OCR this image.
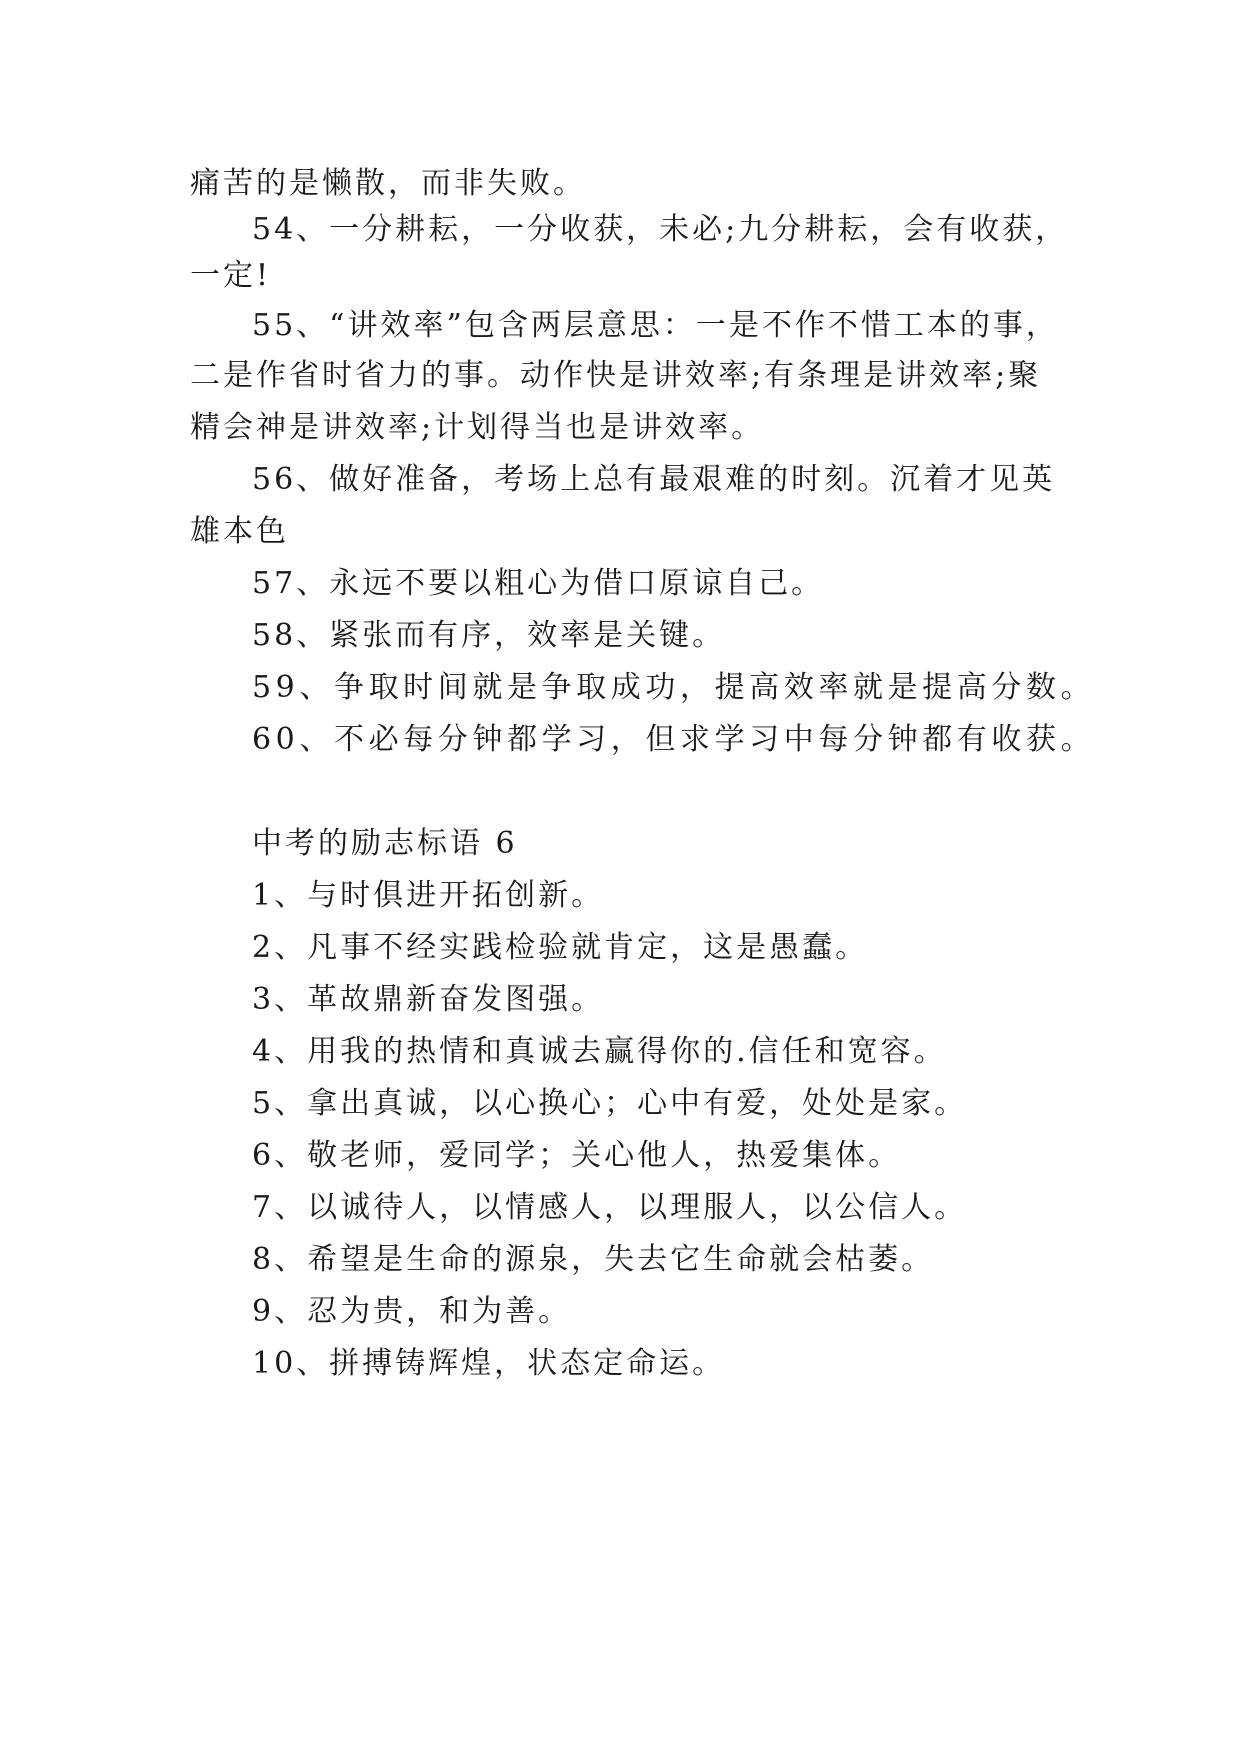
痛苦的是懒散，而非失败。
54、一分耕耘，一分收获，未必;九分耕耘，会有收获，
一定!
55、“讲效率”包含两层意思：一是不作不惜工本的事，
二是作省时省力的事。动作快是讲效率;有条理是讲效率;聚
精会神是讲效率;计划得当也是讲效率。
56、做好准备，考场上总有最艰难的时刻。沉着才见英
雄本色
57、永远不要以粗心为借口原谅自己。
58、紧张而有序，效率是关键。
59、争取时间就是争取成功，提高效率就是提高分数。
60、不必每分钟都学习，但求学习中每分钟都有收获。
中考的励志标语 6
1、与时俱进开拓创新。
2、凡事不经实践检验就肯定，这是愚蠢。
3、革故鼎新奋发图强。
4、用我的热情和真诚去赢得你的.信任和宽容。
5、拿出真诚，以心换心；心中有爱，处处是家。
6、敬老师，爱同学；关心他人，热爱集体。
7、以诚待人，以情感人，以理服人，以公信人。
8、希望是生命的源泉，失去它生命就会枯萎。
9、忍为贵，和为善。
10、拼搏铸辉煌，状态定命运。
